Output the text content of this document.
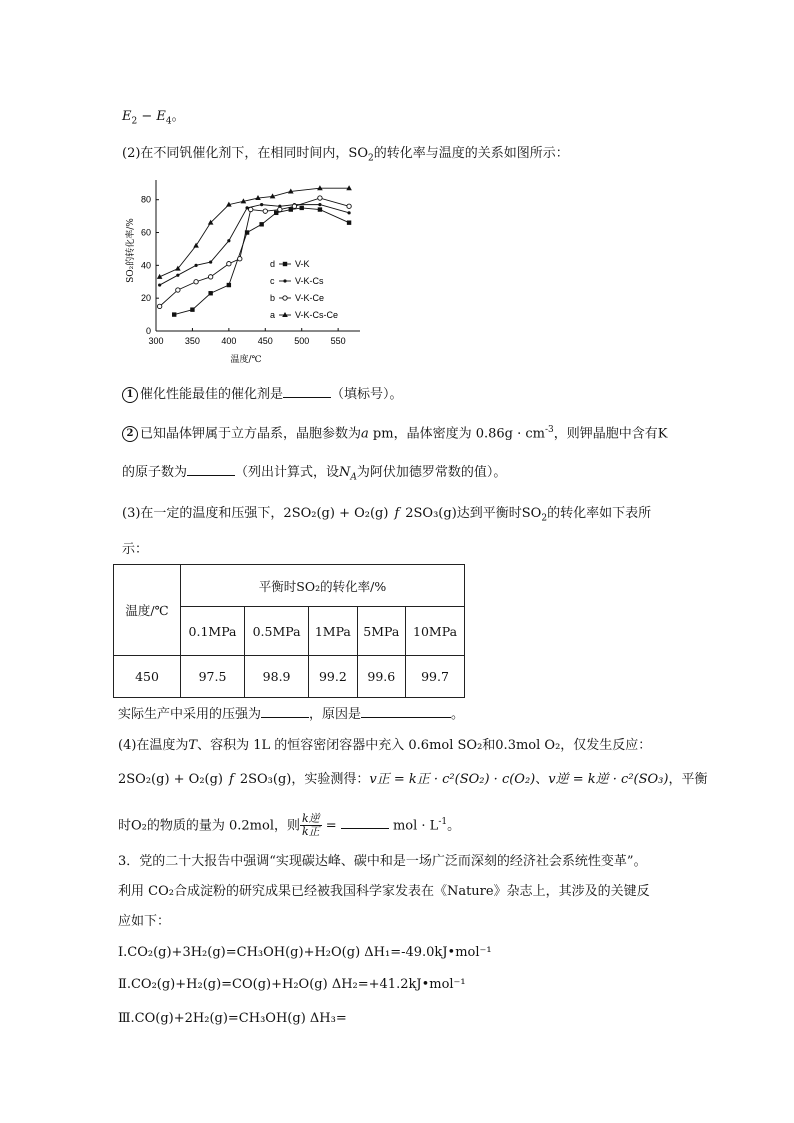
$E_2 - E_4$。
(2)在不同钒催化剂下，在相同时间内，$SO_2$的转化率与温度的关系如图所示：
0
20
40
60
80
300 350 400 450 500 550
温度/℃
SO₂的转化率/%	d V-K
c V-K-Cs
b V-K-Ce
a V-K-Cs-Ce
1 催化性能最佳的催化剂是	（填标号）。
2 已知晶体钾属于立方晶系，晶胞参数为a pm，晶体密度为 $0.86g \cdot cm^{-3}$，则钾晶胞中含有K
的原子数为	（列出计算式，设$N_A$为阿伏加德罗常数的值）。
(3)在一定的温度和压强下，2SO₂(g) + O₂(g) f 2SO₃(g)达到平衡时$SO_2$的转化率如下表所
示：
温度/℃	平衡时SO₂的转化率/%				
	0.1MPa	0.5MPa	1MPa	5MPa	10MPa
450	97.5	98.9	99.2	99.6	99.7
实际生产中采用的压强为	，原因是	。
(4)在温度为T、容积为 1L 的恒容密闭容器中充入 0.6mol SO₂和0.3mol O₂，仅发生反应：
2SO₂(g) + O₂(g) f 2SO₃(g)，实验测得：v正 = k正 · c²(SO₂) · c(O₂)、v逆 = k逆 · c²(SO₃)，平衡
时O₂的物质的量为 0.2mol，则 $\frac{\text{k逆}}{\text{k正}}$ =	mol · $L^{-1}$。
3．党的二十大报告中强调“实现碳达峰、碳中和是一场广泛而深刻的经济社会系统性变革”。
利用 CO₂合成淀粉的研究成果已经被我国科学家发表在《Nature》杂志上，其涉及的关键反
应如下：
I.CO₂(g)+3H₂(g)=CH₃OH(g)+H₂O(g) ΔH₁=-49.0kJ•mol⁻¹
Ⅱ.CO₂(g)+H₂(g)=CO(g)+H₂O(g) ΔH₂=+41.2kJ•mol⁻¹
Ⅲ.CO(g)+2H₂(g)=CH₃OH(g) ΔH₃=
